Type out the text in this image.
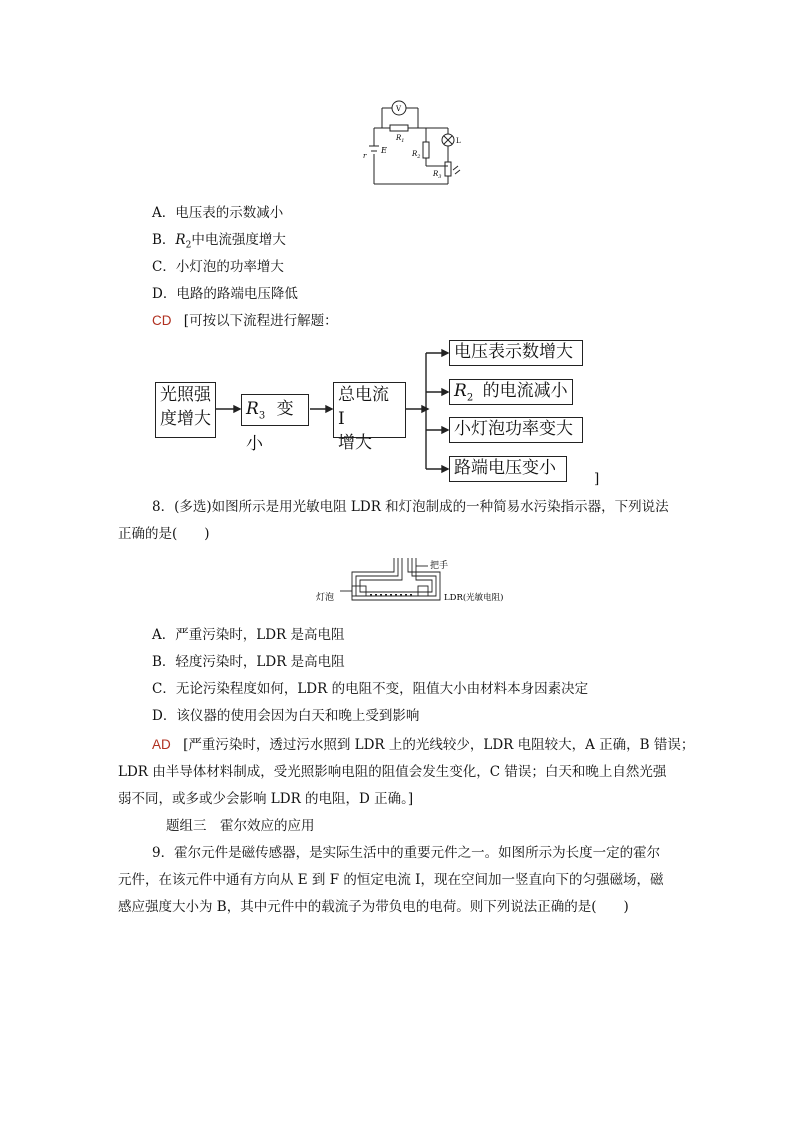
V
$R_1$
$R_2$
$R_3$
E
r
L
A．电压表的示数减小
B．$R_2$中电流强度增大
C．小灯泡的功率增大
D．电路的路端电压降低
CD [可按以下流程进行解题：
光照强
度增大 $R_3$ 变小
总电流 I
增大
电压表示数增大
$R_2$ 的电流减小
小灯泡功率变大
路端电压变小
]
8．(多选)如图所示是用光敏电阻 LDR 和灯泡制成的一种简易水污染指示器，下列说法
正确的是(　　)
把手
灯泡	LDR(光敏电阻)
A．严重污染时，LDR 是高电阻
B．轻度污染时，LDR 是高电阻
C．无论污染程度如何，LDR 的电阻不变，阻值大小由材料本身因素决定
D．该仪器的使用会因为白天和晚上受到影响
AD [严重污染时，透过污水照到 LDR 上的光线较少，LDR 电阻较大，A 正确，B 错误；
LDR 由半导体材料制成，受光照影响电阻的阻值会发生变化，C 错误；白天和晚上自然光强
弱不同，或多或少会影响 LDR 的电阻，D 正确。]
题组三　霍尔效应的应用
9．霍尔元件是磁传感器，是实际生活中的重要元件之一。如图所示为长度一定的霍尔
元件，在该元件中通有方向从 E 到 F 的恒定电流 I，现在空间加一竖直向下的匀强磁场，磁
感应强度大小为 B，其中元件中的载流子为带负电的电荷。则下列说法正确的是(　　)
